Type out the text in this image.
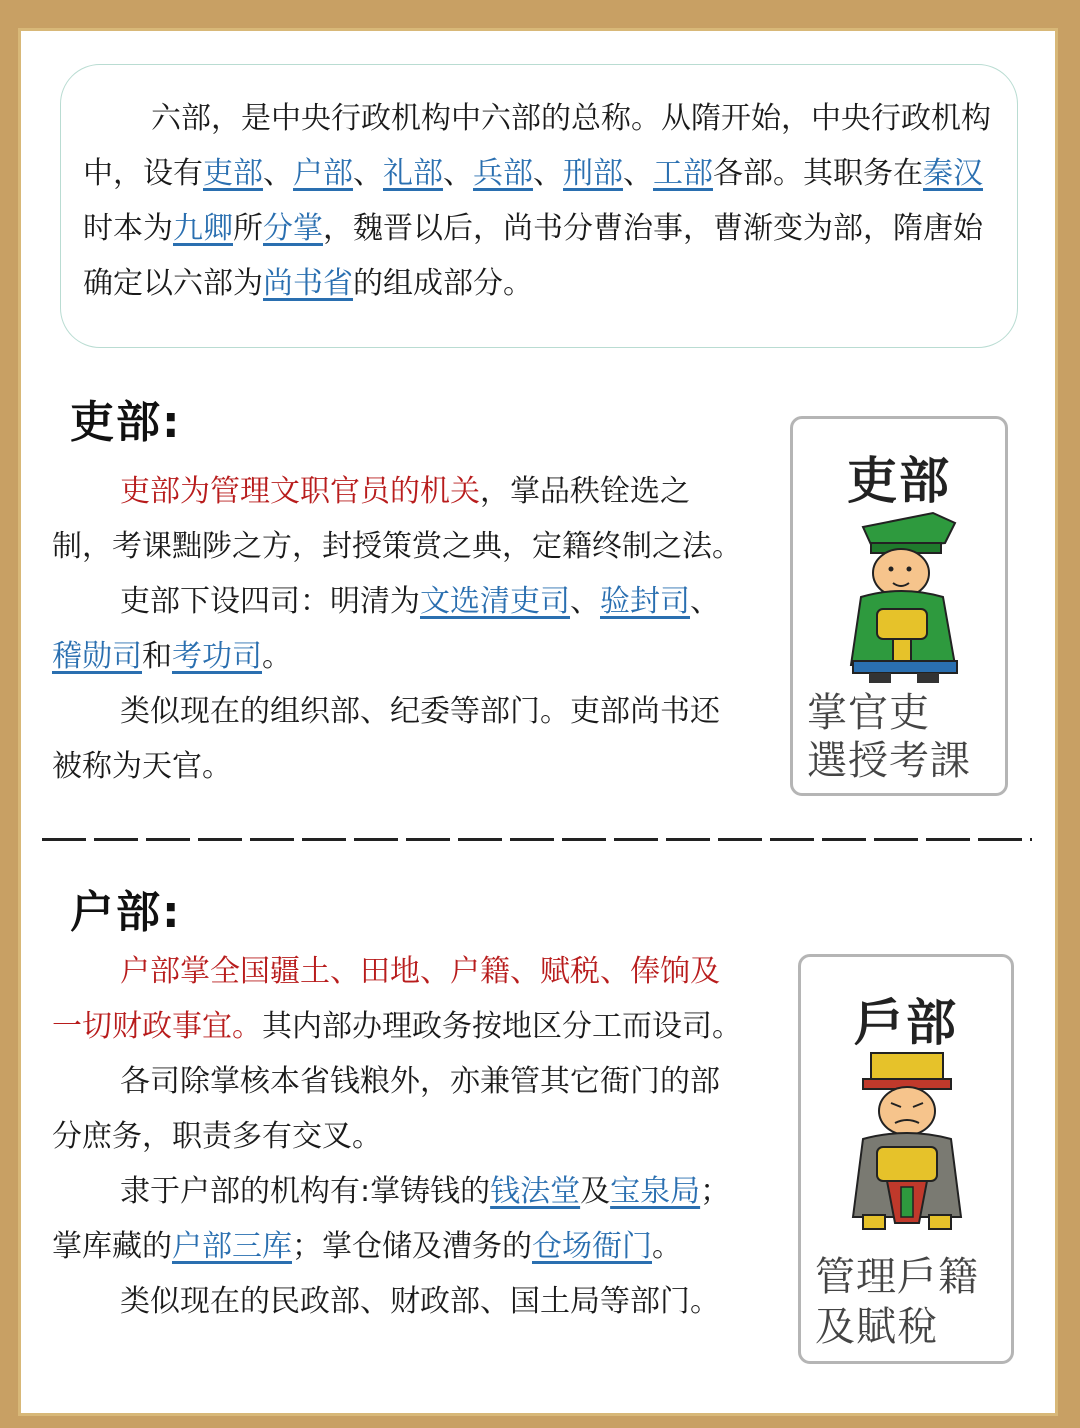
六部，是中央行政机构中六部的总称。从隋开始，中央行政机构

中，设有吏部、户部、礼部、兵部、刑部、工部各部。其职务在秦汉

时本为九卿所分掌，魏晋以后，尚书分曹治事，曹渐变为部，隋唐始

确定以六部为尚书省的组成部分。

吏部:

吏部为管理文职官员的机关，掌品秩铨选之制，考课黜陟之方，封授策赏之典，定籍终制之法。

吏部下设四司：明清为文选清吏司、验封司、稽勋司和考功司。

类似现在的组织部、纪委等部门。吏部尚书还被称为天官。

吏部
掌官吏
選授考課
户部:

户部掌全国疆土、田地、户籍、赋税、俸饷及一切财政事宜。其内部办理政务按地区分工而设司。

各司除掌核本省钱粮外，亦兼管其它衙门的部分庶务，职责多有交叉。

隶于户部的机构有:掌铸钱的钱法堂及宝泉局；掌库藏的户部三库；掌仓储及漕务的仓场衙门。

类似现在的民政部、财政部、国土局等部门。

戶部
管理戶籍
及賦稅
